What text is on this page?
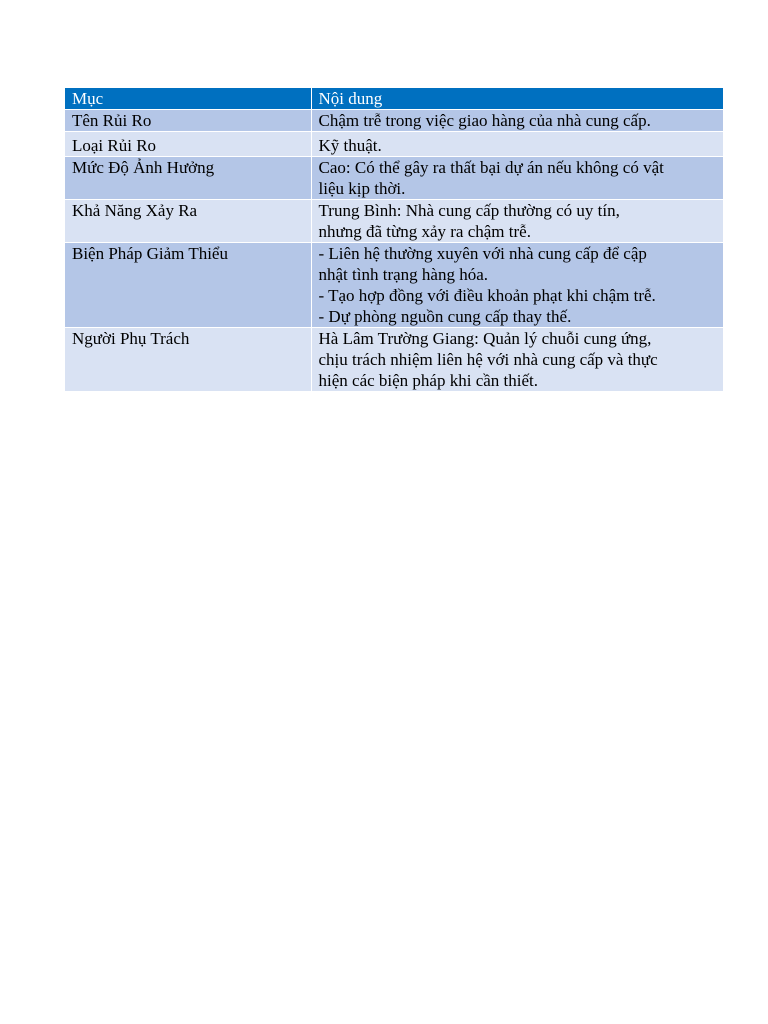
Mục	Nội dung
Tên Rủi Ro	Chậm trễ trong việc giao hàng của nhà cung cấp.

Loại Rủi Ro	Kỹ thuật.

Mức Độ Ảnh Hưởng	Cao: Có thể gây ra thất bại dự án nếu không có vật
liệu kịp thời.

Khả Năng Xảy Ra	Trung Bình: Nhà cung cấp thường có uy tín,
nhưng đã từng xảy ra chậm trễ.

Biện Pháp Giảm Thiểu	- Liên hệ thường xuyên với nhà cung cấp để cập
nhật tình trạng hàng hóa.
- Tạo hợp đồng với điều khoản phạt khi chậm trễ.
- Dự phòng nguồn cung cấp thay thế.

Người Phụ Trách	Hà Lâm Trường Giang: Quản lý chuỗi cung ứng,
chịu trách nhiệm liên hệ với nhà cung cấp và thực
hiện các biện pháp khi cần thiết.
